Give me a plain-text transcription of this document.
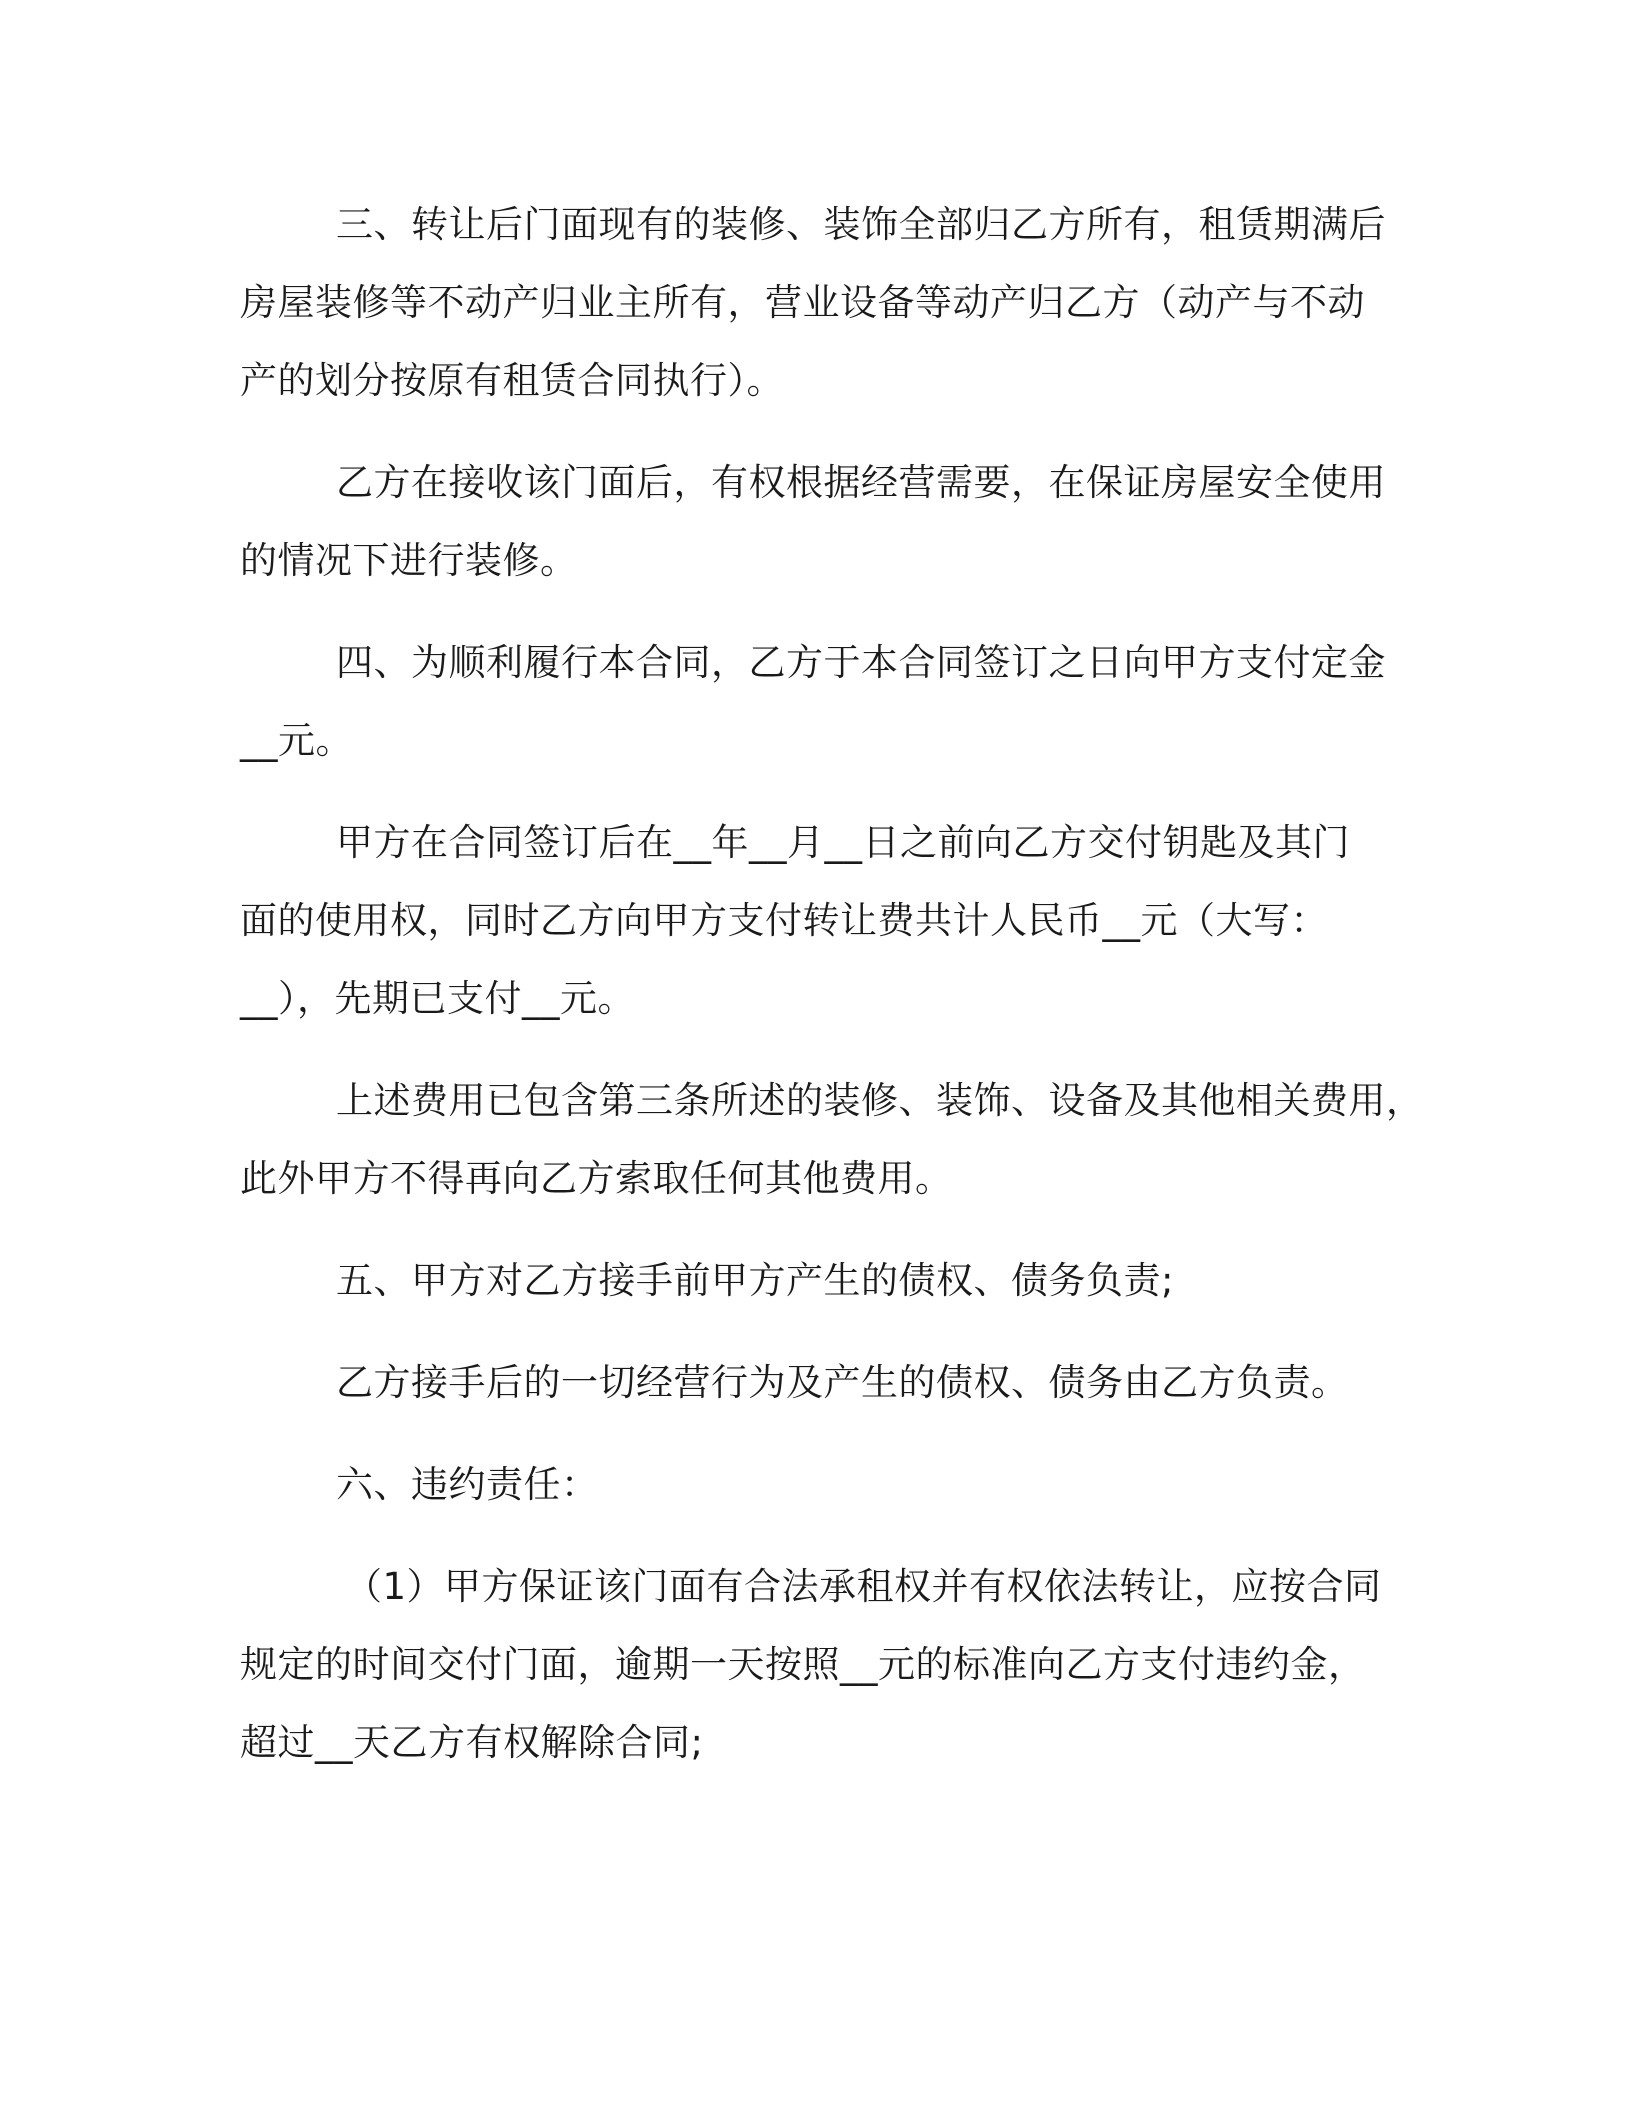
三、转让后门面现有的装修、装饰全部归乙方所有，租赁期满后
房屋装修等不动产归业主所有，营业设备等动产归乙方（动产与不动
产的划分按原有租赁合同执行）。

乙方在接收该门面后，有权根据经营需要，在保证房屋安全使用
的情况下进行装修。

四、为顺利履行本合同，乙方于本合同签订之日向甲方支付定金
__元。

甲方在合同签订后在__年__月__日之前向乙方交付钥匙及其门
面的使用权，同时乙方向甲方支付转让费共计人民币__元（大写：
__），先期已支付__元。

上述费用已包含第三条所述的装修、装饰、设备及其他相关费用，
此外甲方不得再向乙方索取任何其他费用。

五、甲方对乙方接手前甲方产生的债权、债务负责;

乙方接手后的一切经营行为及产生的债权、债务由乙方负责。

六、违约责任：

（1）甲方保证该门面有合法承租权并有权依法转让，应按合同
规定的时间交付门面，逾期一天按照__元的标准向乙方支付违约金，
超过__天乙方有权解除合同;
